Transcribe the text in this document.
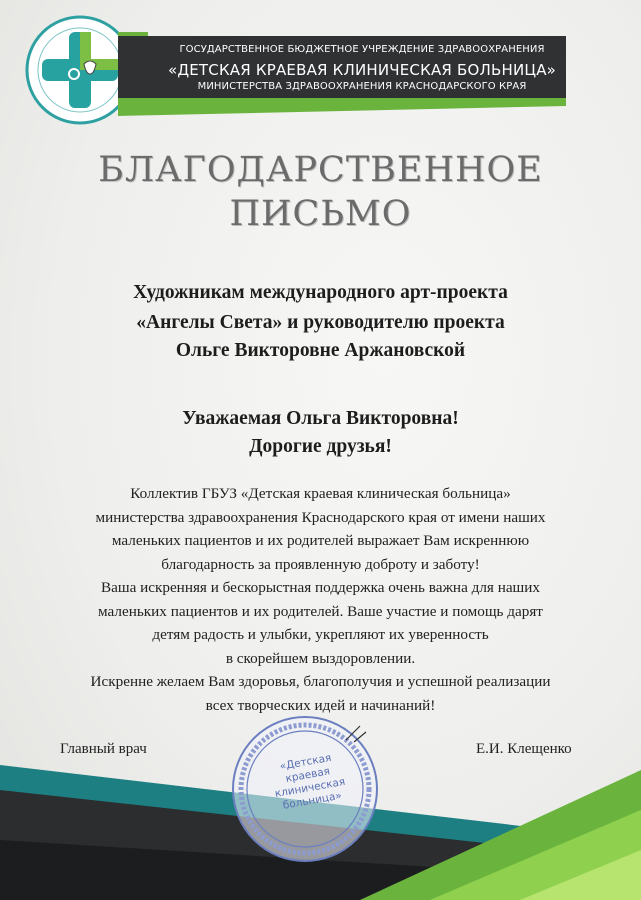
ГОСУДАРСТВЕННОЕ БЮДЖЕТНОЕ УЧРЕЖДЕНИЕ ЗДРАВООХРАНЕНИЯ
«ДЕТСКАЯ КРАЕВАЯ КЛИНИЧЕСКАЯ БОЛЬНИЦА»
МИНИСТЕРСТВА ЗДРАВООХРАНЕНИЯ КРАСНОДАРСКОГО КРАЯ
БЛАГОДАРСТВЕННОЕ
ПИСЬМО
Художникам международного арт-проекта
«Ангелы Света» и руководителю проекта
Ольге Викторовне Аржановской
Уважаемая Ольга Викторовна!
Дорогие друзья!
Коллектив ГБУЗ «Детская краевая клиническая больница»
министерства здравоохранения Краснодарского края от имени наших
маленьких пациентов и их родителей выражает Вам искреннюю
благодарность за проявленную доброту и заботу!
Ваша искренняя и бескорыстная поддержка очень важна для наших
маленьких пациентов и их родителей. Ваше участие и помощь дарят
детям радость и улыбки, укрепляют их уверенность
в скорейшем выздоровлении.
Искренне желаем Вам здоровья, благополучия и успешной реализации
всех творческих идей и начинаний!
Главный врач	Е.И. Клещенко
«Детская краевая клиническая больница»
